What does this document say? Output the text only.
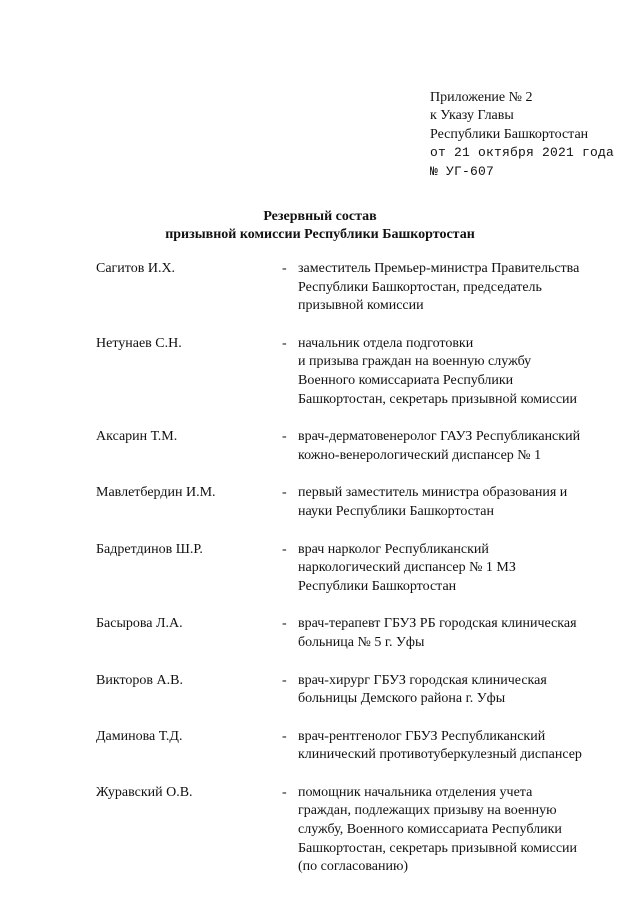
Приложение № 2
к Указу Главы
Республики Башкортостан
от 21 октября 2021 года
№ УГ-607
Резервный состав
призывной комиссии Республики Башкортостан
Сагитов И.Х.	- заместитель Премьер-министра Правительства
Республики Башкортостан, председатель
призывной комиссии
Нетунаев С.Н.	- начальник отдела подготовки
и призыва граждан на военную службу
Военного комиссариата Республики
Башкортостан, секретарь призывной комиссии
Аксарин Т.М.	- врач-дерматовенеролог ГАУЗ Республиканский
кожно-венерологический диспансер № 1
Мавлетбердин И.М.	- первый заместитель министра образования и
науки Республики Башкортостан
Бадретдинов Ш.Р.	- врач нарколог Республиканский
наркологический диспансер № 1 МЗ
Республики Башкортостан
Басырова Л.А.	- врач-терапевт ГБУЗ РБ городская клиническая
больница № 5 г. Уфы
Викторов А.В.	- врач-хирург ГБУЗ городская клиническая
больницы Демского района г. Уфы
Даминова Т.Д.	- врач-рентгенолог ГБУЗ Республиканский
клинический противотуберкулезный диспансер
Журавский О.В.	- помощник начальника отделения учета
граждан, подлежащих призыву на военную
службу, Военного комиссариата Республики
Башкортостан, секретарь призывной комиссии
(по согласованию)
